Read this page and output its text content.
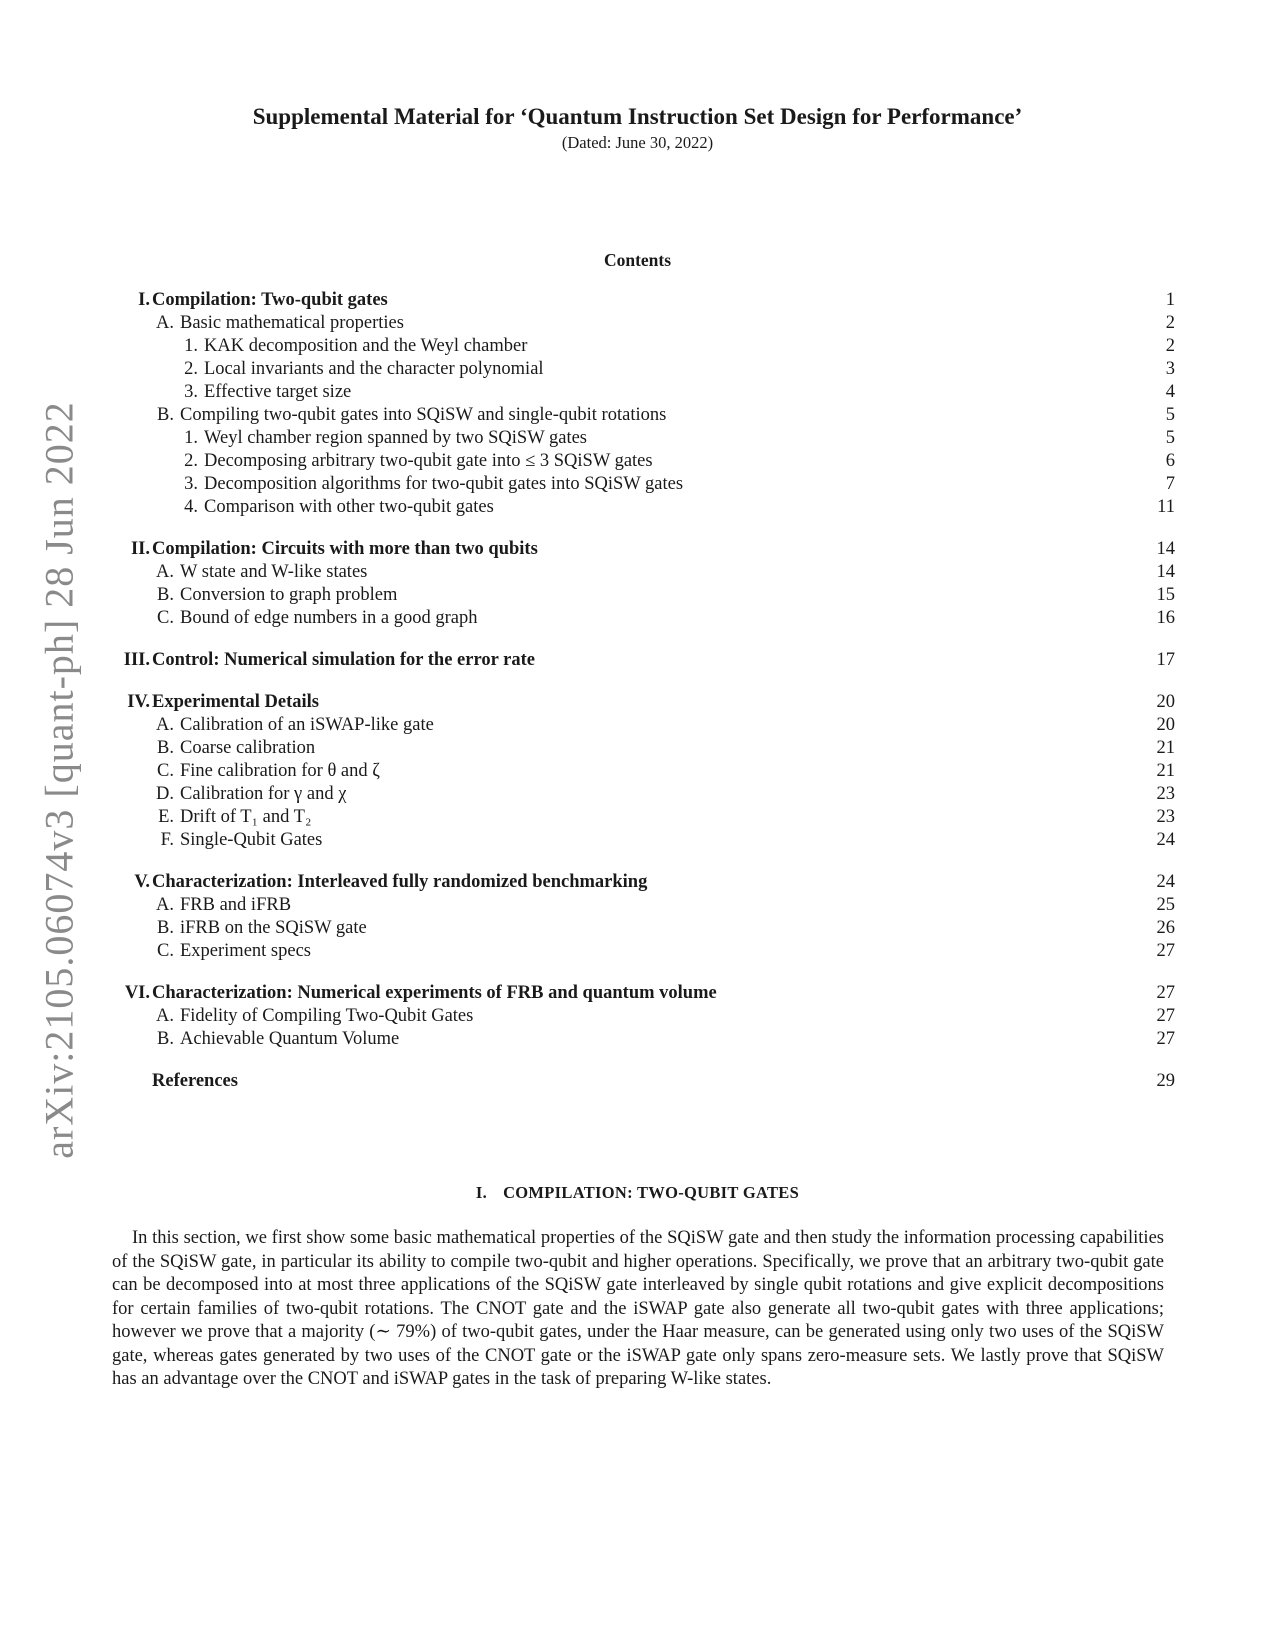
arXiv:2105.06074v3 [quant-ph] 28 Jun 2022
Supplemental Material for ‘Quantum Instruction Set Design for Performance’
(Dated: June 30, 2022)
Contents
I. Compilation: Two-qubit gates	1
A. Basic mathematical properties	2
1. KAK decomposition and the Weyl chamber	2
2. Local invariants and the character polynomial	3
3. Effective target size	4
B. Compiling two-qubit gates into SQiSW and single-qubit rotations	5
1. Weyl chamber region spanned by two SQiSW gates	5
2. Decomposing arbitrary two-qubit gate into ≤ 3 SQiSW gates	6
3. Decomposition algorithms for two-qubit gates into SQiSW gates	7
4. Comparison with other two-qubit gates	11
II. Compilation: Circuits with more than two qubits	14
A. W state and W-like states	14
B. Conversion to graph problem	15
C. Bound of edge numbers in a good graph	16
III. Control: Numerical simulation for the error rate	17
IV. Experimental Details	20
A. Calibration of an iSWAP-like gate	20
B. Coarse calibration	21
C. Fine calibration for θ and ζ	21
D. Calibration for γ and χ	23
E. Drift of T₁ and T₂	23
F. Single-Qubit Gates	24
V. Characterization: Interleaved fully randomized benchmarking	24
A. FRB and iFRB	25
B. iFRB on the SQiSW gate	26
C. Experiment specs	27
VI. Characterization: Numerical experiments of FRB and quantum volume	27
A. Fidelity of Compiling Two-Qubit Gates	27
B. Achievable Quantum Volume	27
References	29
I. COMPILATION: TWO-QUBIT GATES

In this section, we first show some basic mathematical properties of the SQiSW gate and then study the information processing capabilities of the SQiSW gate, in particular its ability to compile two-qubit and higher operations. Specifically, we prove that an arbitrary two-qubit gate can be decomposed into at most three applications of the SQiSW gate interleaved by single qubit rotations and give explicit decompositions for certain families of two-qubit rotations. The CNOT gate and the iSWAP gate also generate all two-qubit gates with three applications; however we prove that a majority (∼ 79%) of two-qubit gates, under the Haar measure, can be generated using only two uses of the SQiSW gate, whereas gates generated by two uses of the CNOT gate or the iSWAP gate only spans zero-measure sets. We lastly prove that SQiSW has an advantage over the CNOT and iSWAP gates in the task of preparing W-like states.
